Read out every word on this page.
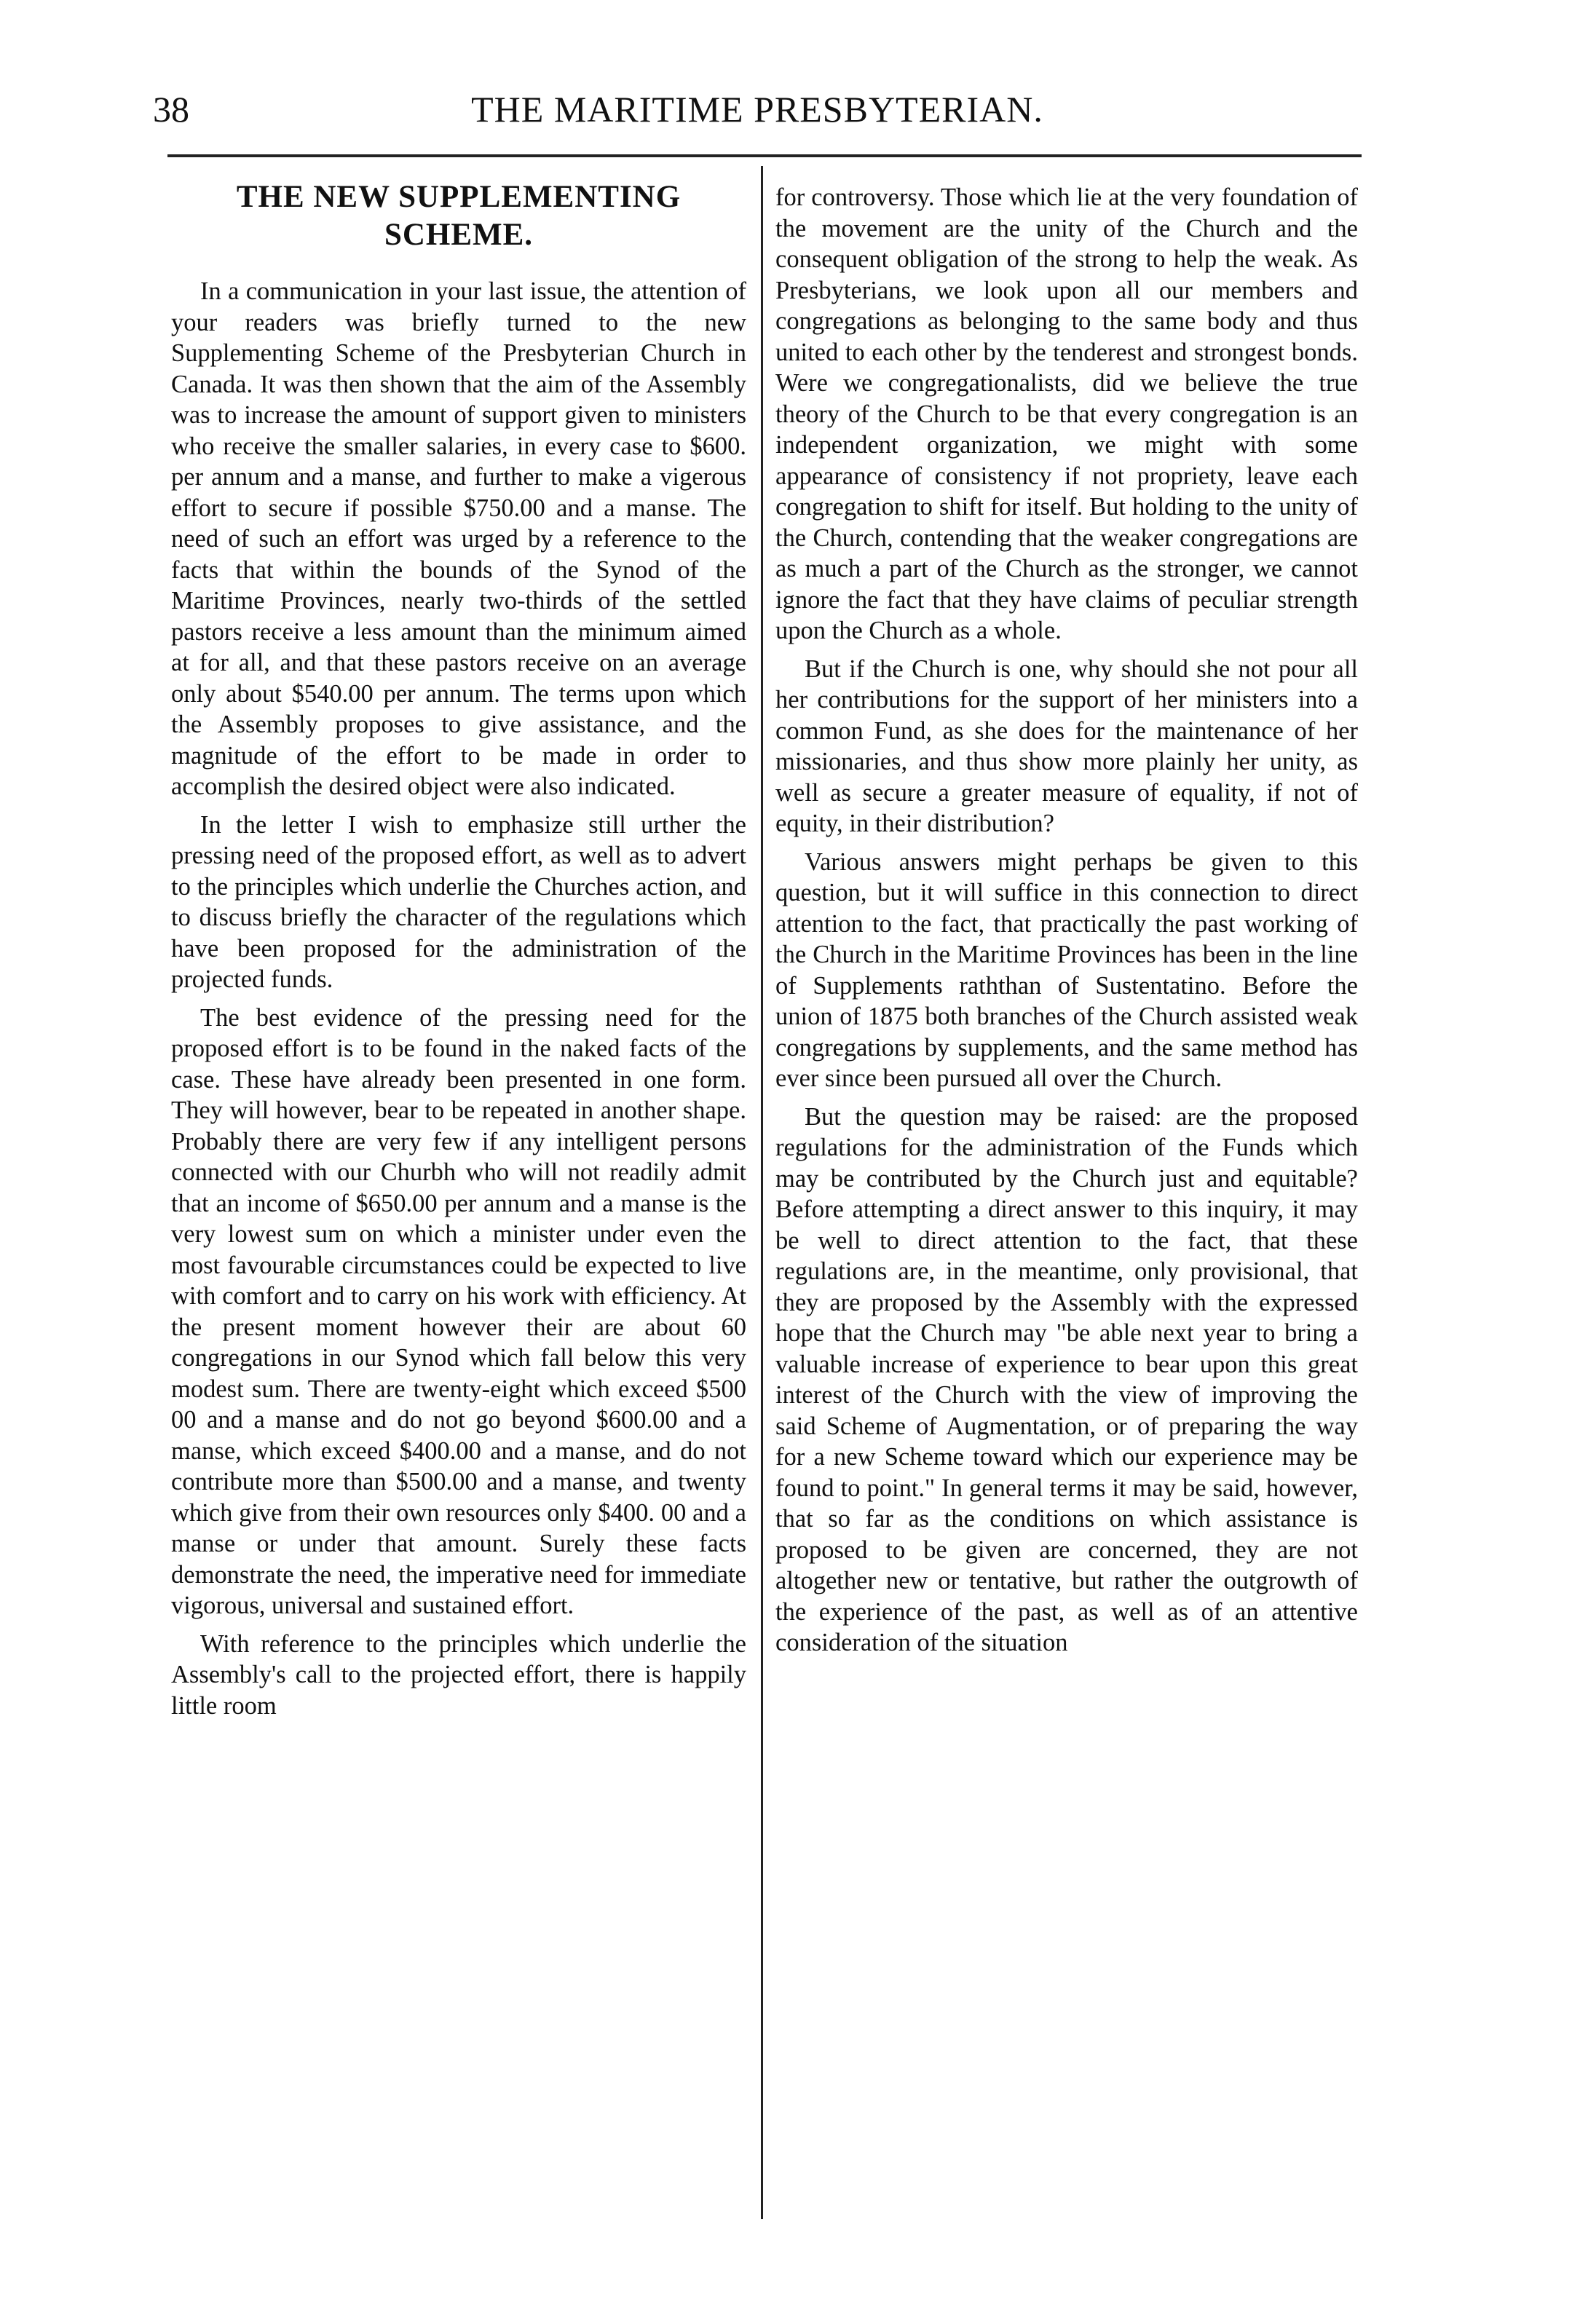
38	THE MARITIME PRESBYTERIAN.
THE NEW SUPPLEMENTING
SCHEME.

In a communication in your last issue, the attention of your readers was briefly turned to the new Supplementing Scheme of the Presbyterian Church in Canada. It was then shown that the aim of the Assembly was to increase the amount of support given to ministers who receive the smaller salaries, in every case to $600. per annum and a manse, and further to make a vigerous effort to secure if possible $750.00 and a manse. The need of such an effort was urged by a reference to the facts that within the bounds of the Synod of the Maritime Provinces, nearly two-thirds of the settled pastors receive a less amount than the minimum aimed at for all, and that these pastors receive on an average only about $540.00 per annum. The terms upon which the Assembly proposes to give assistance, and the magnitude of the effort to be made in order to accomplish the desired object were also indicated.

In the letter I wish to emphasize still urther the pressing need of the proposed effort, as well as to advert to the principles which underlie the Churches action, and to discuss briefly the character of the regulations which have been proposed for the administration of the projected funds.

The best evidence of the pressing need for the proposed effort is to be found in the naked facts of the case. These have already been presented in one form. They will however, bear to be repeated in another shape. Probably there are very few if any intelligent persons connected with our Churbh who will not readily admit that an income of $650.00 per annum and a manse is the very lowest sum on which a minister under even the most favourable circumstances could be expected to live with comfort and to carry on his work with efficiency. At the present moment however their are about 60 congregations in our Synod which fall below this very modest sum. There are twenty-eight which exceed $500 00 and a manse and do not go beyond $600.00 and a manse, which exceed $400.00 and a manse, and do not contribute more than $500.00 and a manse, and twenty which give from their own resources only $400. 00 and a manse or under that amount. Surely these facts demonstrate the need, the imperative need for immediate vigorous, universal and sustained effort.

With reference to the principles which underlie the Assembly's call to the projected effort, there is happily little room

for controversy. Those which lie at the very foundation of the movement are the unity of the Church and the consequent obligation of the strong to help the weak. As Presbyterians, we look upon all our members and congregations as belonging to the same body and thus united to each other by the tenderest and strongest bonds. Were we congregationalists, did we believe the true theory of the Church to be that every congregation is an independent organization, we might with some appearance of consistency if not propriety, leave each congregation to shift for itself. But holding to the unity of the Church, contending that the weaker congregations are as much a part of the Church as the stronger, we cannot ignore the fact that they have claims of peculiar strength upon the Church as a whole.

But if the Church is one, why should she not pour all her contributions for the support of her ministers into a common Fund, as she does for the maintenance of her missionaries, and thus show more plainly her unity, as well as secure a greater measure of equality, if not of equity, in their distribution?

Various answers might perhaps be given to this question, but it will suffice in this connection to direct attention to the fact, that practically the past working of the Church in the Maritime Provinces has been in the line of Supplements raththan of Sustentatino. Before the union of 1875 both branches of the Church assisted weak congregations by supplements, and the same method has ever since been pursued all over the Church.

But the question may be raised: are the proposed regulations for the administration of the Funds which may be contributed by the Church just and equitable? Before attempting a direct answer to this inquiry, it may be well to direct attention to the fact, that these regulations are, in the meantime, only provisional, that they are proposed by the Assembly with the expressed hope that the Church may "be able next year to bring a valuable increase of experience to bear upon this great interest of the Church with the view of improving the said Scheme of Augmentation, or of preparing the way for a new Scheme toward which our experience may be found to point." In general terms it may be said, however, that so far as the conditions on which assistance is proposed to be given are concerned, they are not altogether new or tentative, but rather the outgrowth of the experience of the past, as well as of an attentive consideration of the situation
